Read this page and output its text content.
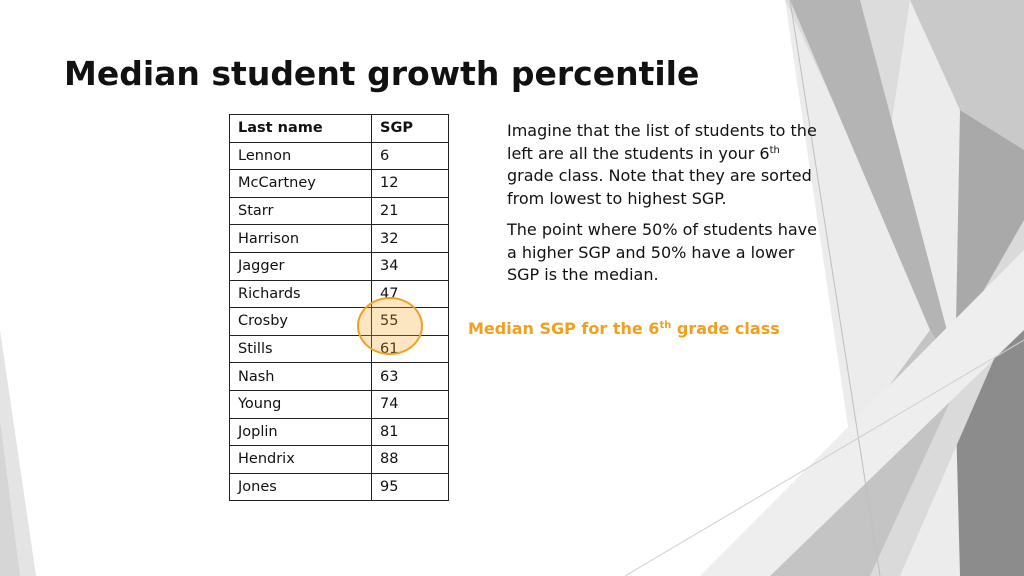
Median student growth percentile
Last name	SGP
Lennon	6
McCartney	12
Starr	21
Harrison	32
Jagger	34
Richards	47
Crosby	55
Stills	61
Nash	63
Young	74
Joplin	81
Hendrix	88
Jones	95

Imagine that the list of students to the left are all the students in your 6th grade class. Note that they are sorted from lowest to highest SGP.

The point where 50% of students have a higher SGP and 50% have a lower SGP is the median.

Median SGP for the 6th grade class
